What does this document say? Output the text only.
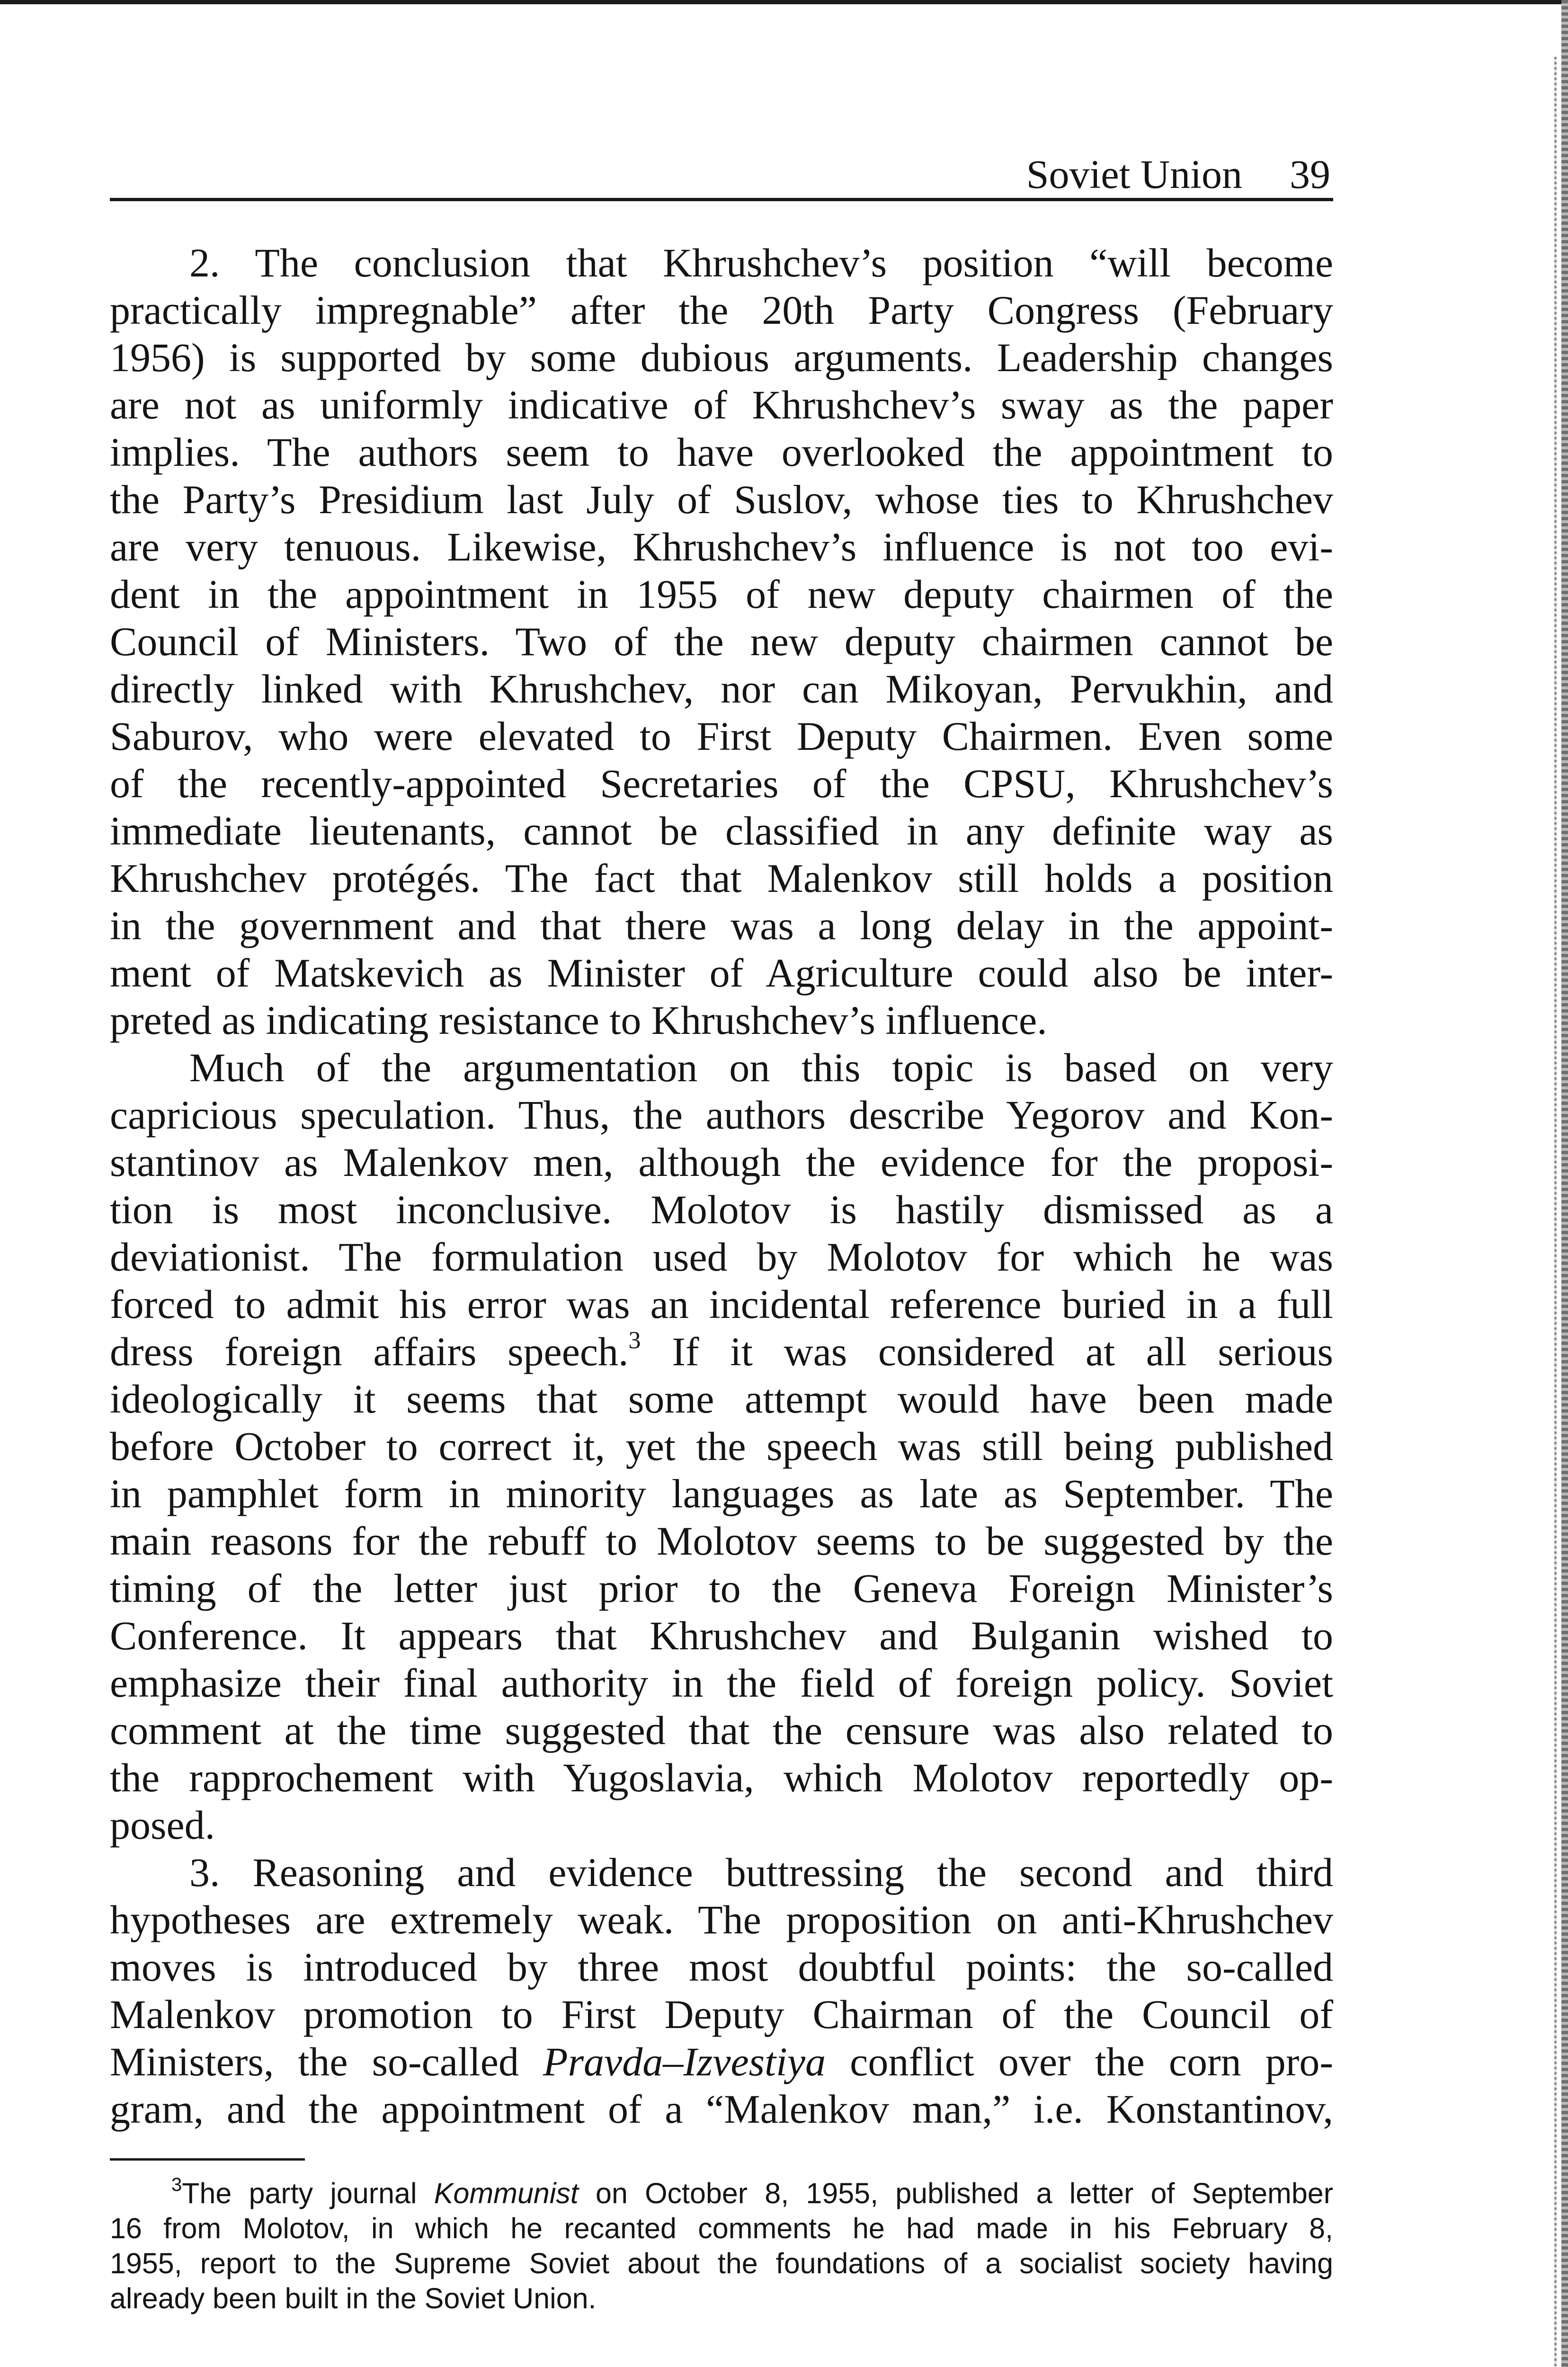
Soviet Union 39
2. The conclusion that Khrushchev’s position “will become
practically impregnable” after the 20th Party Congress (February
1956) is supported by some dubious arguments. Leadership changes
are not as uniformly indicative of Khrushchev’s sway as the paper
implies. The authors seem to have overlooked the appointment to
the Party’s Presidium last July of Suslov, whose ties to Khrushchev
are very tenuous. Likewise, Khrushchev’s influence is not too evi-
dent in the appointment in 1955 of new deputy chairmen of the
Council of Ministers. Two of the new deputy chairmen cannot be
directly linked with Khrushchev, nor can Mikoyan, Pervukhin, and
Saburov, who were elevated to First Deputy Chairmen. Even some
of the recently-appointed Secretaries of the CPSU, Khrushchev’s
immediate lieutenants, cannot be classified in any definite way as
Khrushchev protégés. The fact that Malenkov still holds a position
in the government and that there was a long delay in the appoint-
ment of Matskevich as Minister of Agriculture could also be inter-
preted as indicating resistance to Khrushchev’s influence.
Much of the argumentation on this topic is based on very
capricious speculation. Thus, the authors describe Yegorov and Kon-
stantinov as Malenkov men, although the evidence for the proposi-
tion is most inconclusive. Molotov is hastily dismissed as a
deviationist. The formulation used by Molotov for which he was
forced to admit his error was an incidental reference buried in a full
dress foreign affairs speech.$^3$ If it was considered at all serious
ideologically it seems that some attempt would have been made
before October to correct it, yet the speech was still being published
in pamphlet form in minority languages as late as September. The
main reasons for the rebuff to Molotov seems to be suggested by the
timing of the letter just prior to the Geneva Foreign Minister’s
Conference. It appears that Khrushchev and Bulganin wished to
emphasize their final authority in the field of foreign policy. Soviet
comment at the time suggested that the censure was also related to
the rapprochement with Yugoslavia, which Molotov reportedly op-
posed.
3. Reasoning and evidence buttressing the second and third
hypotheses are extremely weak. The proposition on anti-Khrushchev
moves is introduced by three most doubtful points: the so-called
Malenkov promotion to First Deputy Chairman of the Council of
Ministers, the so-called Pravda–Izvestiya conflict over the corn pro-
gram, and the appointment of a “Malenkov man,” i.e. Konstantinov,
$^3$The party journal Kommunist on October 8, 1955, published a letter of September
16 from Molotov, in which he recanted comments he had made in his February 8,
1955, report to the Supreme Soviet about the foundations of a socialist society having
already been built in the Soviet Union.
